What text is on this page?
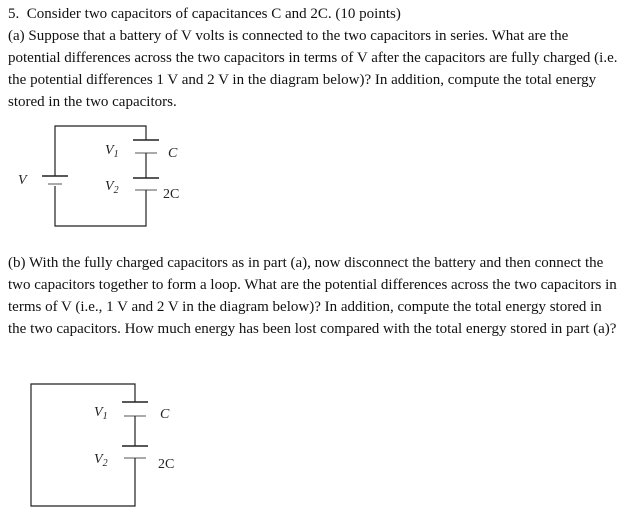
5.  Consider two capacitors of capacitances C and 2C. (10 points)

(a) Suppose that a battery of V volts is connected to the two capacitors in series. What are the potential differences across the two capacitors in terms of V after the capacitors are fully charged (i.e. the potential differences 1 V and 2 V in the diagram below)? In addition, compute the total energy stored in the two capacitors.

V
$V_1$
$V_2$
C
2C

(b) With the fully charged capacitors as in part (a), now disconnect the battery and then connect the two capacitors together to form a loop. What are the potential differences across the two capacitors in terms of V (i.e., 1 V and 2 V in the diagram below)? In addition, compute the total energy stored in the two capacitors. How much energy has been lost compared with the total energy stored in part (a)?

$V_1$
$V_2$
C
2C
